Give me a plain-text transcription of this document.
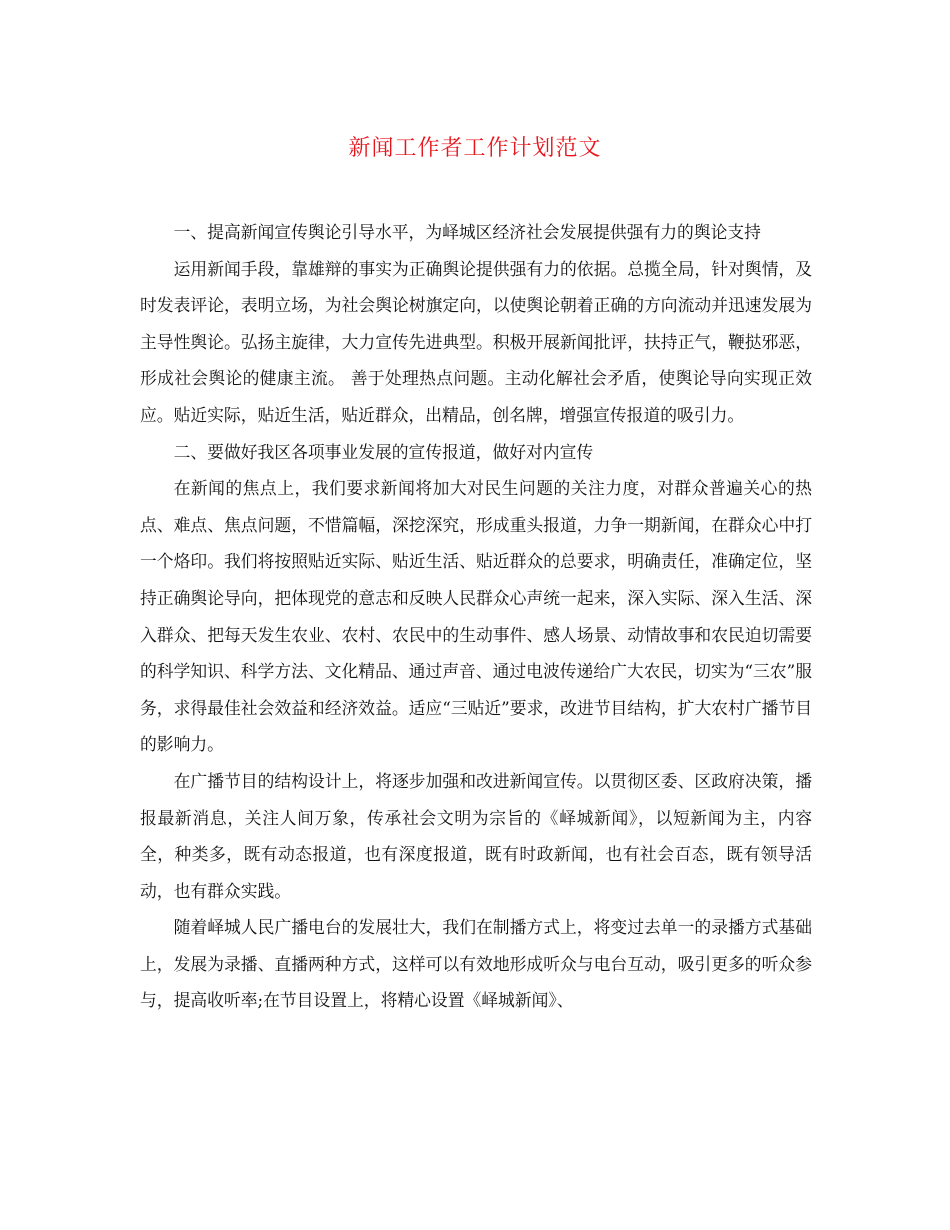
新闻工作者工作计划范文

一、提高新闻宣传舆论引导水平，为峄城区经济社会发展提供强有力的舆论支持

运用新闻手段，靠雄辩的事实为正确舆论提供强有力的依据。总揽全局，针对舆情，及时发表评论，表明立场，为社会舆论树旗定向，以使舆论朝着正确的方向流动并迅速发展为主导性舆论。弘扬主旋律，大力宣传先进典型。积极开展新闻批评，扶持正气，鞭挞邪恶，形成社会舆论的健康主流。 善于处理热点问题。主动化解社会矛盾，使舆论导向实现正效应。贴近实际，贴近生活，贴近群众，出精品，创名牌，增强宣传报道的吸引力。

二、要做好我区各项事业发展的宣传报道，做好对内宣传

在新闻的焦点上，我们要求新闻将加大对民生问题的关注力度，对群众普遍关心的热点、难点、焦点问题，不惜篇幅，深挖深究，形成重头报道，力争一期新闻，在群众心中打一个烙印。我们将按照贴近实际、贴近生活、贴近群众的总要求，明确责任，准确定位，坚持正确舆论导向，把体现党的意志和反映人民群众心声统一起来，深入实际、深入生活、深入群众、把每天发生农业、农村、农民中的生动事件、感人场景、动情故事和农民迫切需要的科学知识、科学方法、文化精品、通过声音、通过电波传递给广大农民，切实为“三农”服务，求得最佳社会效益和经济效益。适应“三贴近”要求，改进节目结构，扩大农村广播节目的影响力。

在广播节目的结构设计上，将逐步加强和改进新闻宣传。以贯彻区委、区政府决策，播报最新消息，关注人间万象，传承社会文明为宗旨的《峄城新闻》，以短新闻为主，内容全，种类多，既有动态报道，也有深度报道，既有时政新闻，也有社会百态，既有领导活动，也有群众实践。

随着峄城人民广播电台的发展壮大，我们在制播方式上，将变过去单一的录播方式基础上，发展为录播、直播两种方式，这样可以有效地形成听众与电台互动，吸引更多的听众参与，提高收听率;在节目设置上，将精心设置《峄城新闻》、
